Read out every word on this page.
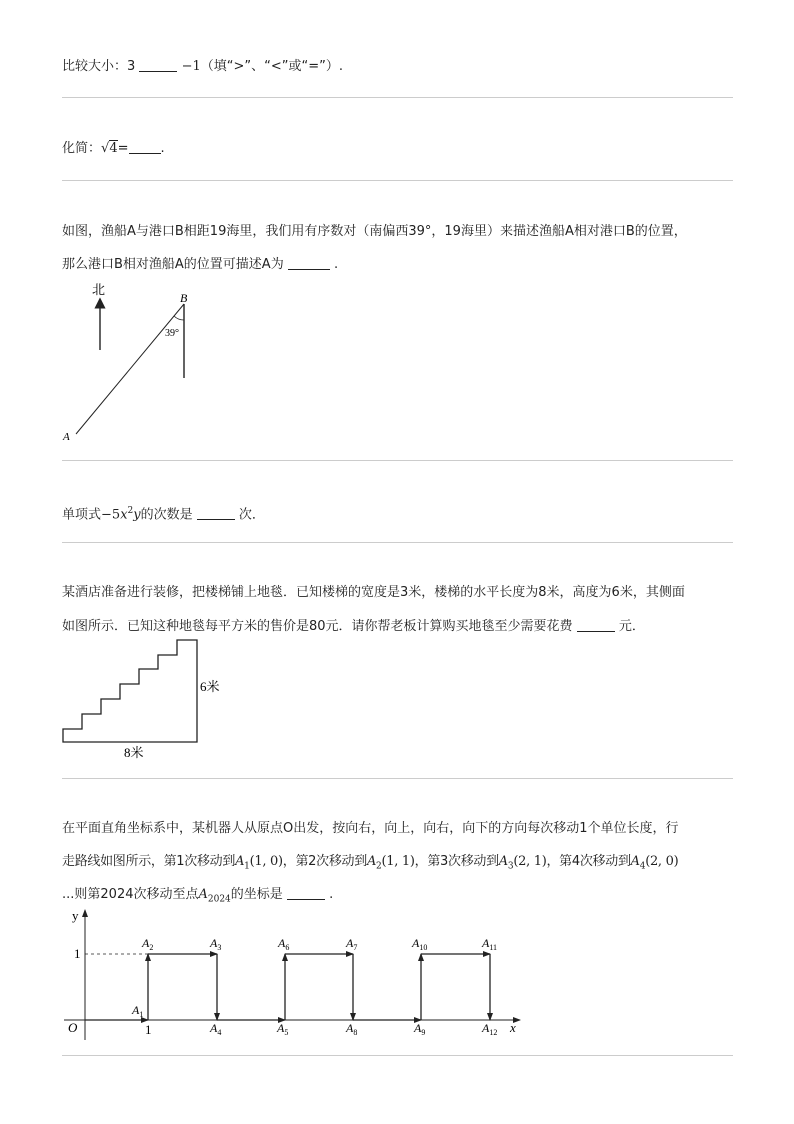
比较大小：3	−1（填“>”、“<”或“=”）.
化简：√4= .
如图，渔船A与港口B相距19海里，我们用有序数对（南偏西39°，19海里）来描述渔船A相对港口B的位置，
那么港口B相对渔船A的位置可描述A为	.
北
B
39°
A
单项式$-5x^2y$的次数是	次．
某酒店准备进行装修，把楼梯铺上地毯．已知楼梯的宽度是3米，楼梯的水平长度为8米，高度为6米，其侧面
如图所示．已知这种地毯每平方米的售价是80元．请你帮老板计算购买地毯至少需要花费	元．
6米
8米
在平面直角坐标系中，某机器人从原点O出发，按向右，向上，向右，向下的方向每次移动1个单位长度，行
走路线如图所示，第1次移动到$A_1(1$, 0)，第2次移动到$A_2(1$, 1)，第3次移动到$A_3(2$, 1)，第4次移动到$A_4(2$, 0)
...则第2024次移动至点$A_{2024}$的坐标是	.
y
x
O
1
1
$A_1$
$A_2$	$A_3$
$A_4$	$A_5$
$A_6$	$A_7$
$A_8$	$A_9$
$A_{10}$	$A_{11}$
$A_{12}$
